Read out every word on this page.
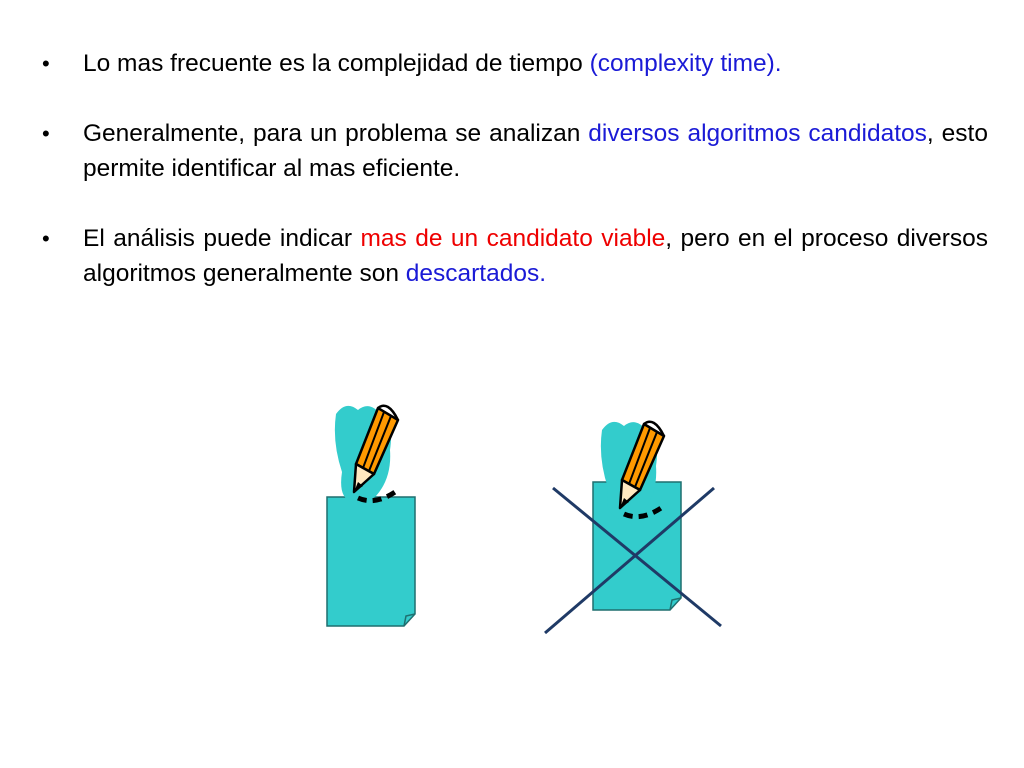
• Lo mas frecuente es la complejidad de tiempo (complexity time).
• Generalmente, para un problema se analizan diversos algoritmos candidatos, esto permite identificar al mas eficiente.
• El análisis puede indicar mas de un candidato viable, pero en el proceso diversos algoritmos generalmente son descartados.
